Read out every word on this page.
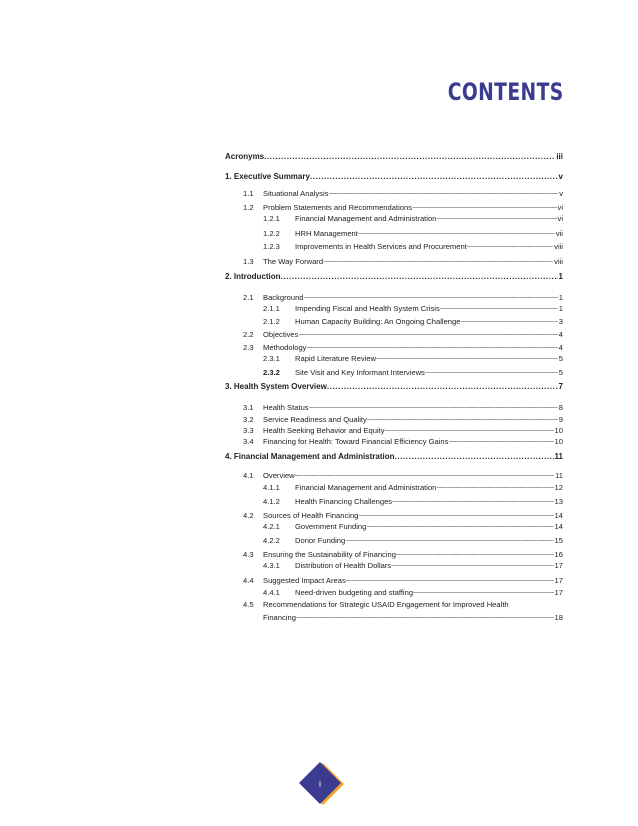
CONTENTS
Acronyms .....	iii
1. Executive Summary .....	v
1.1	Situational Analysis .....	v
1.2	Problem Statements and Recommendations .....	vi
1.2.1	Financial Management and Administration .....	vi
1.2.2	HRH Management .....	vii
1.2.3	Improvements in Health Services and Procurement .....	viii
1.3	The Way Forward .....	viii
2. Introduction .....	1
2.1	Background .....	1
2.1.1	Impending Fiscal and Health System Crisis .....	1
2.1.2	Human Capacity Building: An Ongoing Challenge .....	3
2.2	Objectives .....	4
2.3	Methodology .....	4
2.3.1	Rapid Literature Review .....	5
2.3.2	Site Visit and Key Informant Interviews .....	5
3. Health System Overview .....	7
3.1	Health Status .....	8
3.2	Service Readiness and Quality .....	9
3.3	Health Seeking Behavior and Equity .....	10
3.4	Financing for Health: Toward Financial Efficiency Gains .....	10
4. Financial Management and Administration .....	11
4.1	Overview .....	11
4.1.1	Financial Management and Administration .....	12
4.1.2	Health Financing Challenges .....	13
4.2	Sources of Health Financing .....	14
4.2.1	Government Funding .....	14
4.2.2	Donor Funding .....	15
4.3	Ensuring the Sustainability of Financing .....	16
4.3.1	Distribution of Health Dollars .....	17
4.4	Suggested Impact Areas .....	17
4.4.1	Need-driven budgeting and staffing .....	17
4.5	Recommendations for Strategic USAID Engagement for Improved Health
Financing .....	18
i
